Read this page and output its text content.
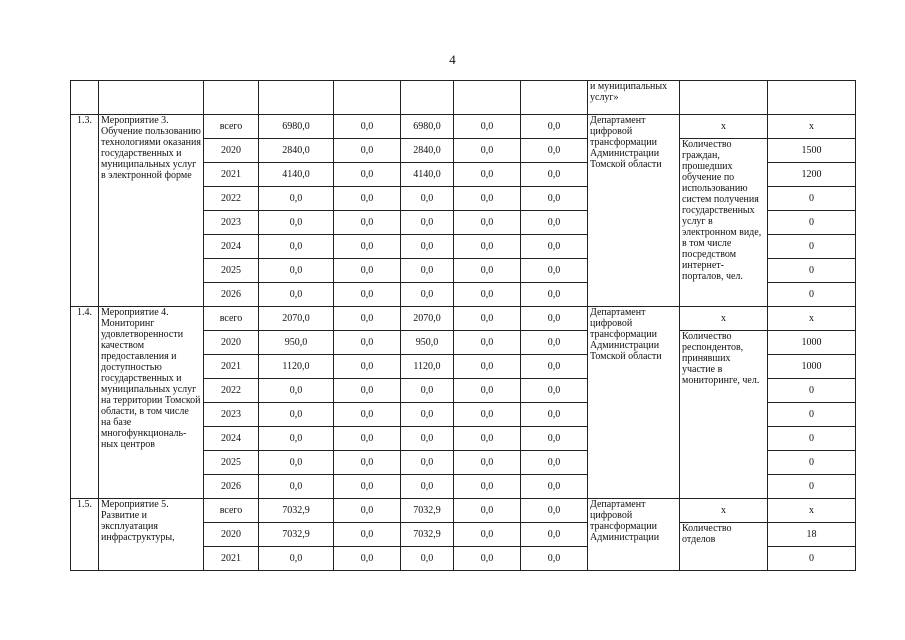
4
								и муниципальных услуг»		
1.3.	Мероприятие 3. Обучение пользованию технологиями оказания государственных и муниципальных услуг в электронной форме	всего	6980,0	0,0	6980,0	0,0	0,0	Департамент цифровой трансформации Администрации Томской области	х	х
		2020	2840,0	0,0	2840,0	0,0	0,0		Количество граждан, прошедших обучение по использованию систем получения государственных услуг в электронном виде, в том числе посредством интернет-порталов, чел.	1500
		2021	4140,0	0,0	4140,0	0,0	0,0			1200
		2022	0,0	0,0	0,0	0,0	0,0			0
		2023	0,0	0,0	0,0	0,0	0,0			0
		2024	0,0	0,0	0,0	0,0	0,0			0
		2025	0,0	0,0	0,0	0,0	0,0			0
		2026	0,0	0,0	0,0	0,0	0,0			0
1.4.	Мероприятие 4. Мониторинг удовлетворенности качеством предоставления и доступностью государственных и муниципальных услуг на территории Томской области, в том числе на базе многофункциональ-ных центров	всего	2070,0	0,0	2070,0	0,0	0,0	Департамент цифровой трансформации Администрации Томской области	х	х
		2020	950,0	0,0	950,0	0,0	0,0		Количество респондентов, принявших участие в мониторинге, чел.	1000
		2021	1120,0	0,0	1120,0	0,0	0,0			1000
		2022	0,0	0,0	0,0	0,0	0,0			0
		2023	0,0	0,0	0,0	0,0	0,0			0
		2024	0,0	0,0	0,0	0,0	0,0			0
		2025	0,0	0,0	0,0	0,0	0,0			0
		2026	0,0	0,0	0,0	0,0	0,0			0
1.5.	Мероприятие 5. Развитие и эксплуатация инфраструктуры,	всего	7032,9	0,0	7032,9	0,0	0,0	Департамент цифровой трансформации Администрации	х	х
		2020	7032,9	0,0	7032,9	0,0	0,0		Количество отделов	18
		2021	0,0	0,0	0,0	0,0	0,0			0
